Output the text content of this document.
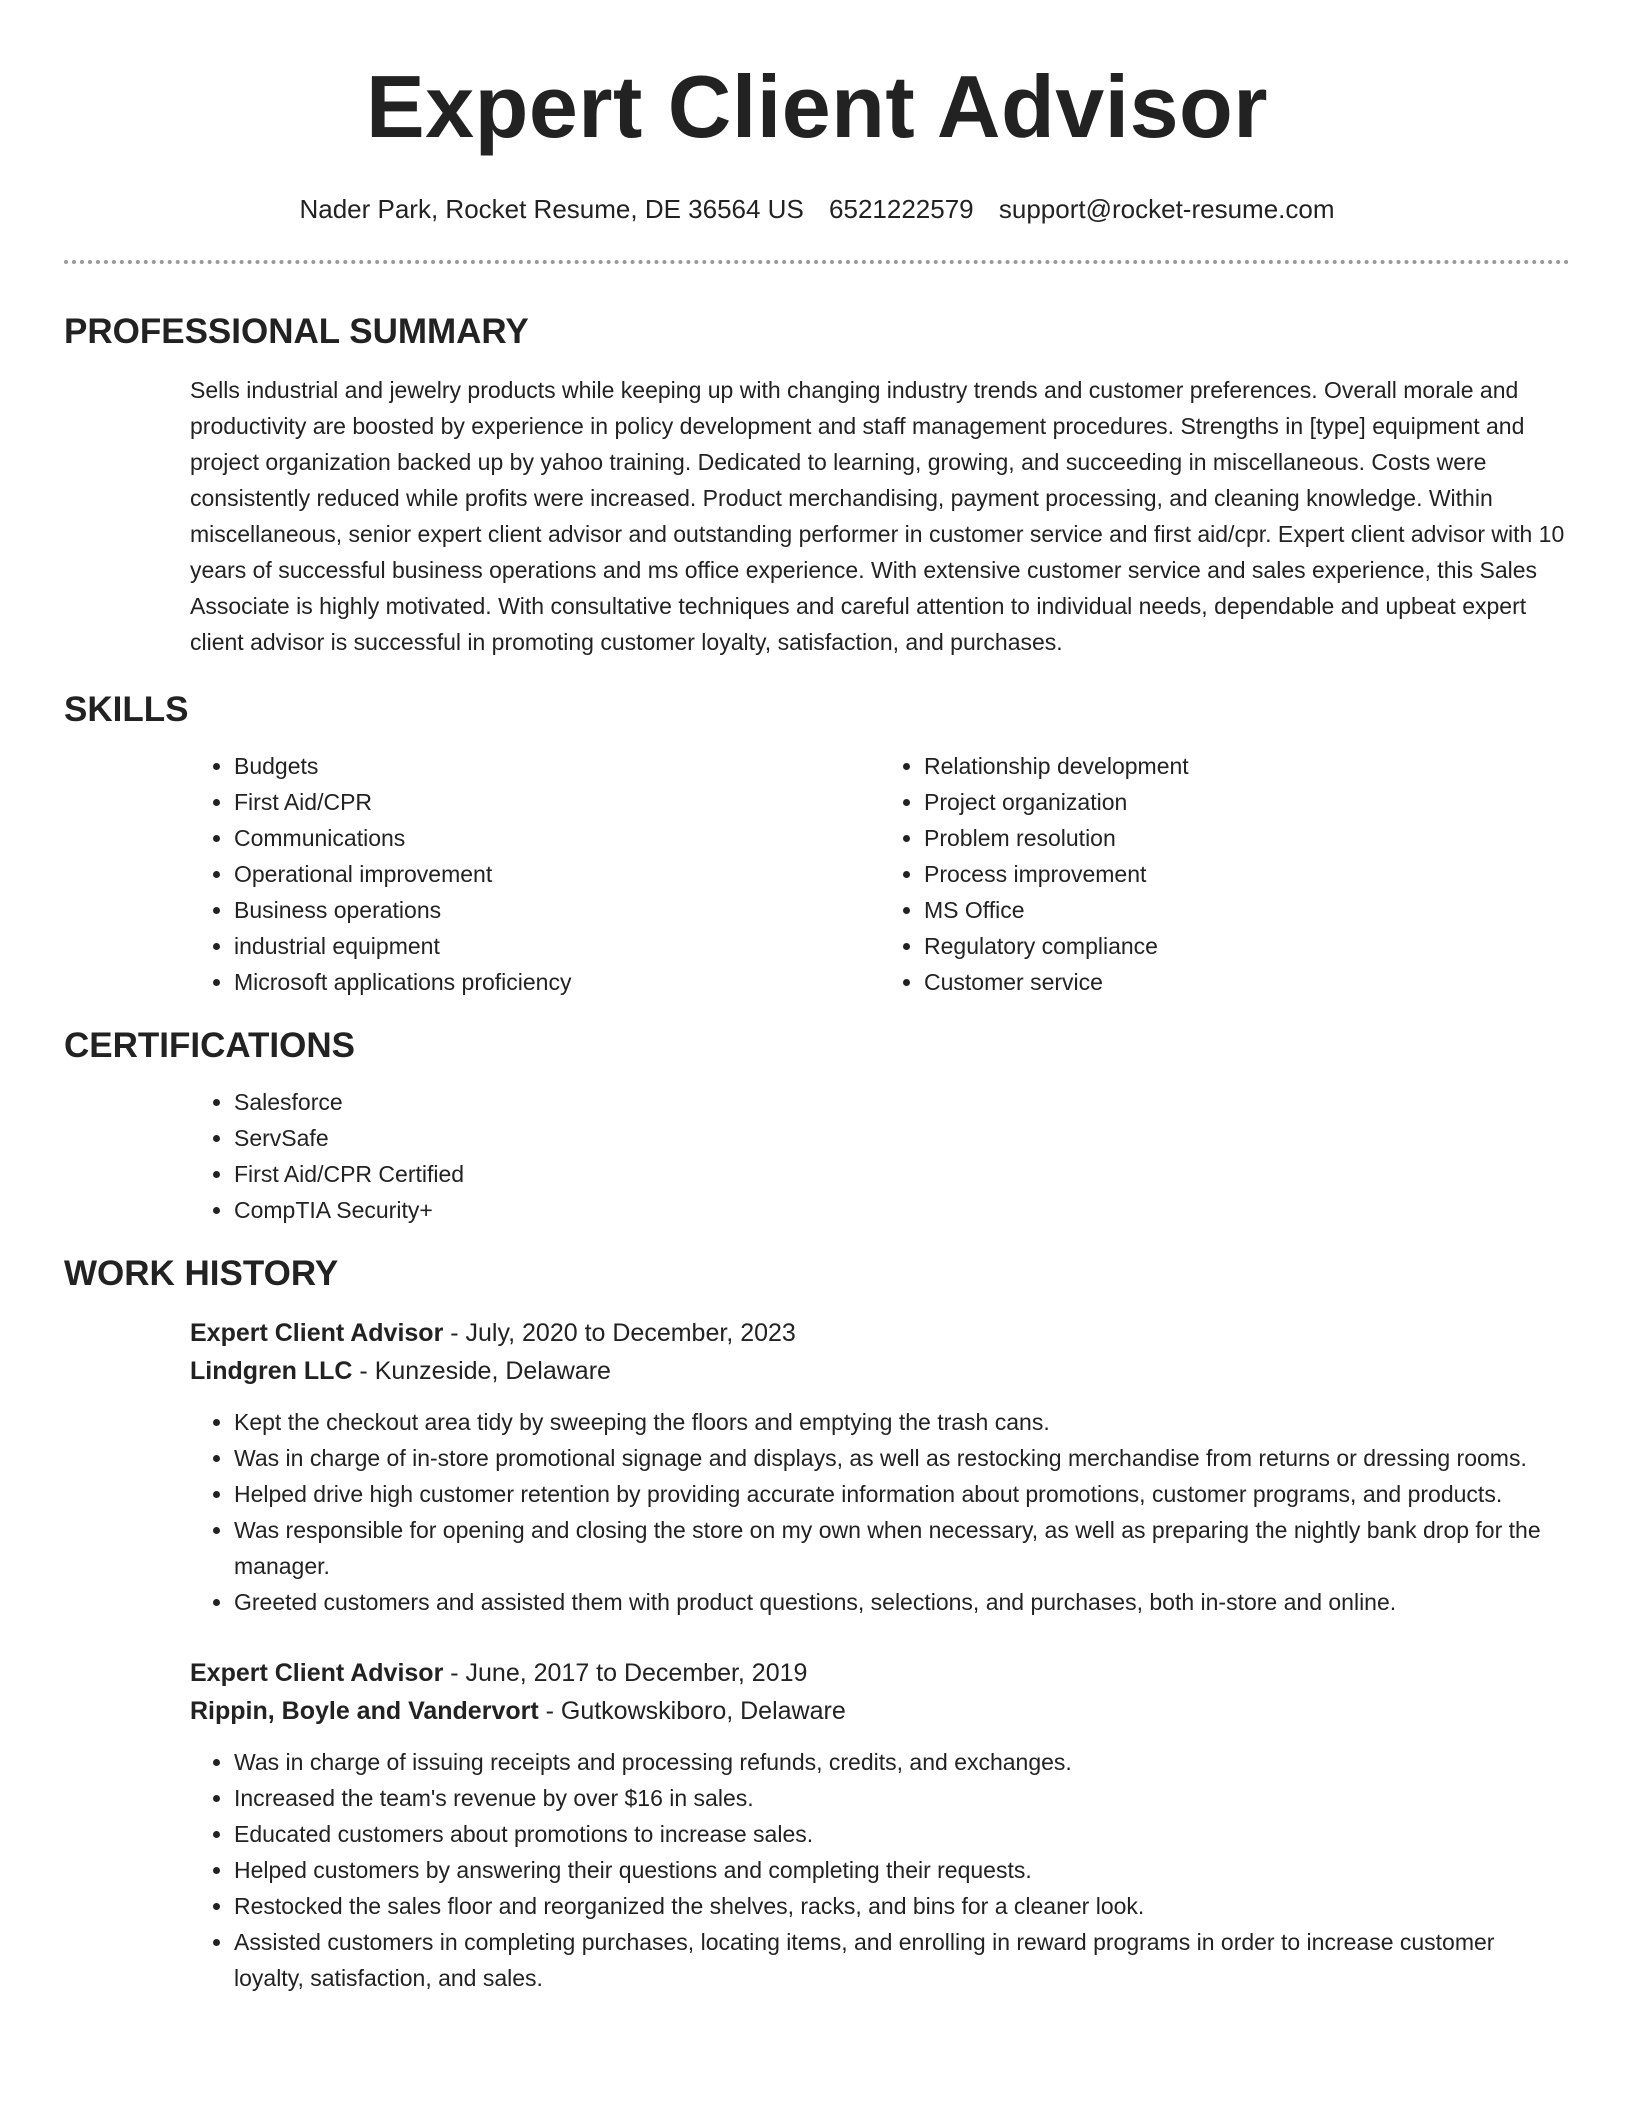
Expert Client Advisor
Nader Park, Rocket Resume, DE 36564 US 6521222579 support@rocket-resume.com
PROFESSIONAL SUMMARY

Sells industrial and jewelry products while keeping up with changing industry trends and customer preferences. Overall morale and productivity are boosted by experience in policy development and staff management procedures. Strengths in [type] equipment and project organization backed up by yahoo training. Dedicated to learning, growing, and succeeding in miscellaneous. Costs were consistently reduced while profits were increased. Product merchandising, payment processing, and cleaning knowledge. Within miscellaneous, senior expert client advisor and outstanding performer in customer service and first aid/cpr. Expert client advisor with 10 years of successful business operations and ms office experience. With extensive customer service and sales experience, this Sales Associate is highly motivated. With consultative techniques and careful attention to individual needs, dependable and upbeat expert client advisor is successful in promoting customer loyalty, satisfaction, and purchases.

SKILLS
• Budgets
• First Aid/CPR
• Communications
• Operational improvement
• Business operations
• industrial equipment
• Microsoft applications proficiency
• Relationship development
• Project organization
• Problem resolution
• Process improvement
• MS Office
• Regulatory compliance
• Customer service
CERTIFICATIONS
• Salesforce
• ServSafe
• First Aid/CPR Certified
• CompTIA Security+
WORK HISTORY
Expert Client Advisor - July, 2020 to December, 2023
Lindgren LLC - Kunzeside, Delaware
• Kept the checkout area tidy by sweeping the floors and emptying the trash cans.
• Was in charge of in-store promotional signage and displays, as well as restocking merchandise from returns or dressing rooms.
• Helped drive high customer retention by providing accurate information about promotions, customer programs, and products.
• Was responsible for opening and closing the store on my own when necessary, as well as preparing the nightly bank drop for the manager.
• Greeted customers and assisted them with product questions, selections, and purchases, both in-store and online.
Expert Client Advisor - June, 2017 to December, 2019
Rippin, Boyle and Vandervort - Gutkowskiboro, Delaware
• Was in charge of issuing receipts and processing refunds, credits, and exchanges.
• Increased the team's revenue by over $16 in sales.
• Educated customers about promotions to increase sales.
• Helped customers by answering their questions and completing their requests.
• Restocked the sales floor and reorganized the shelves, racks, and bins for a cleaner look.
• Assisted customers in completing purchases, locating items, and enrolling in reward programs in order to increase customer loyalty, satisfaction, and sales.
